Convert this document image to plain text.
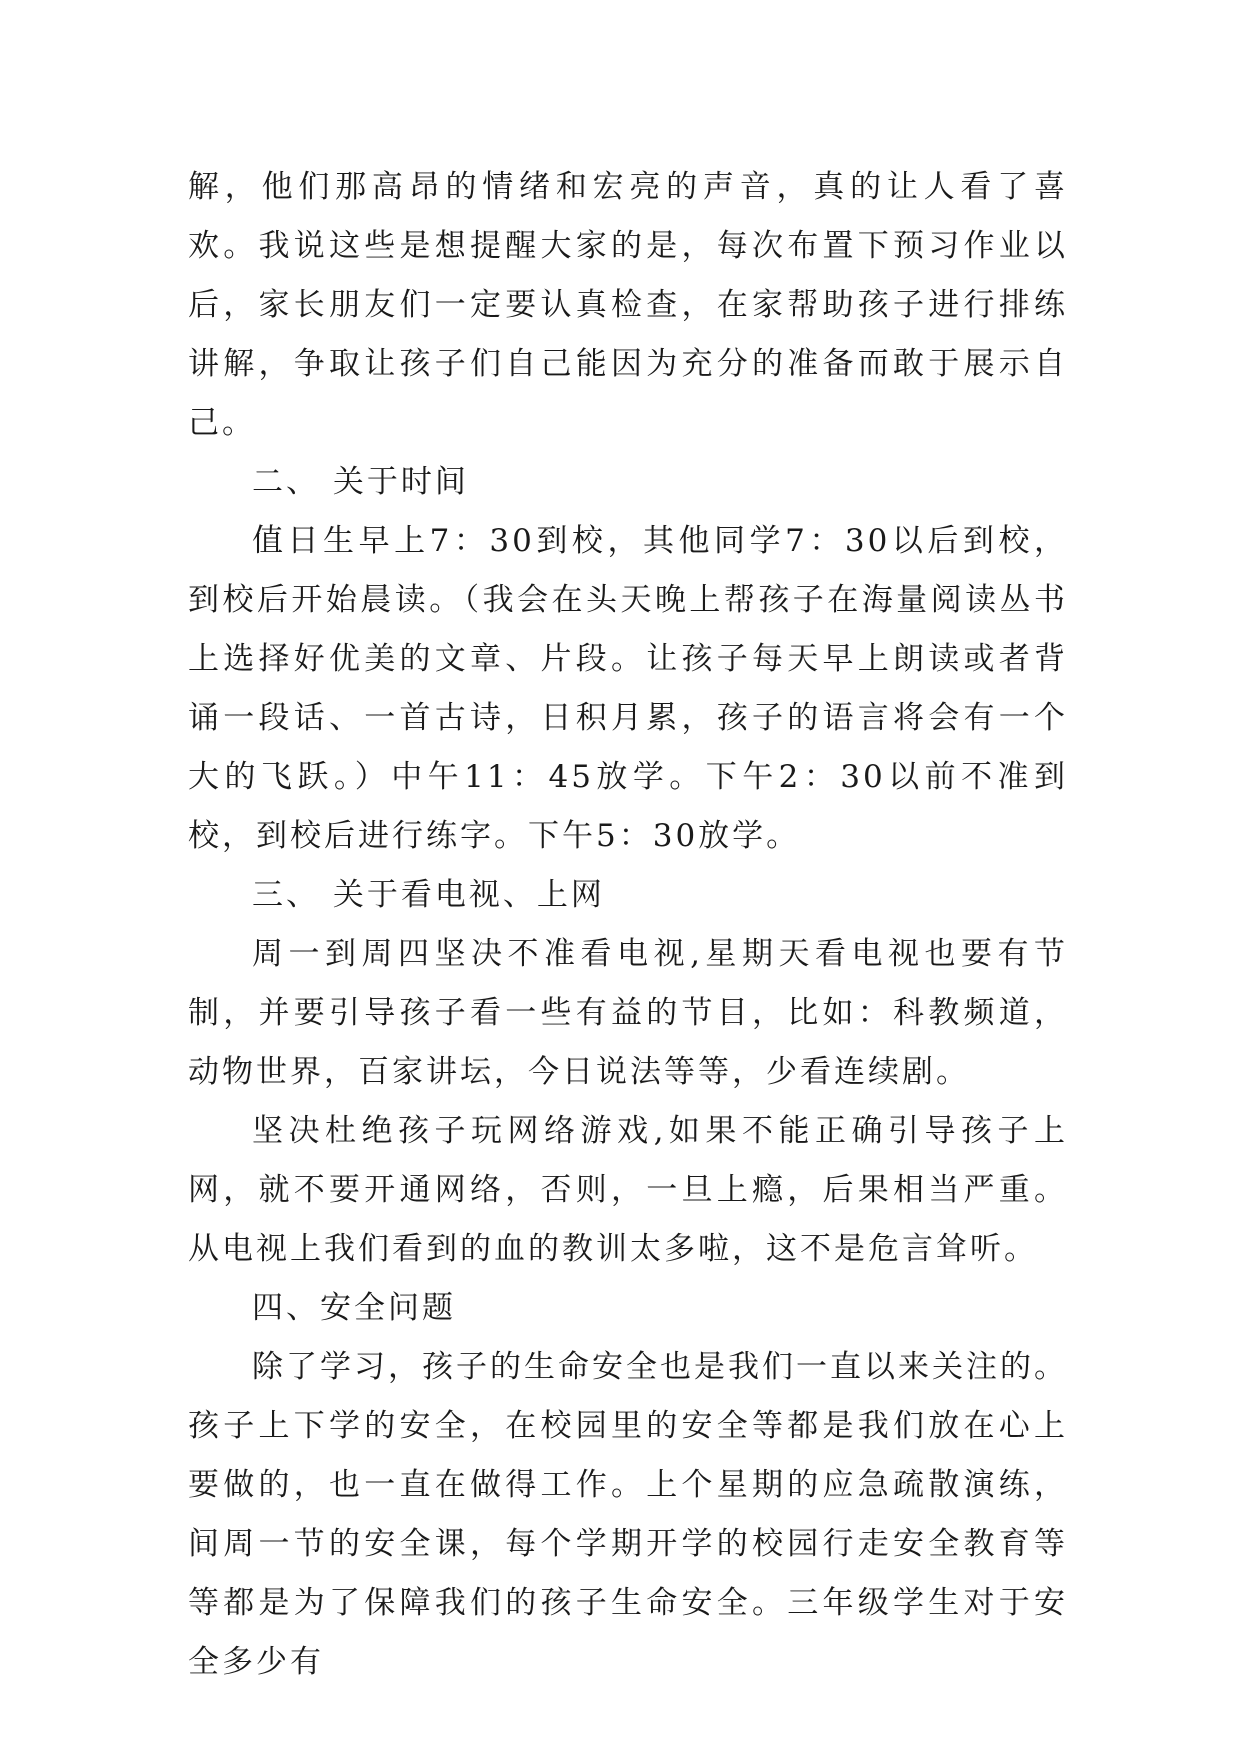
解，他们那高昂的情绪和宏亮的声音，真的让人看了喜欢。我说这些是想提醒大家的是，每次布置下预习作业以后，家长朋友们一定要认真检查，在家帮助孩子进行排练讲解，争取让孩子们自己能因为充分的准备而敢于展示自己。

二、 关于时间

值日生早上7：30到校，其他同学7：30以后到校，到校后开始晨读。（我会在头天晚上帮孩子在海量阅读丛书上选择好优美的文章、片段。让孩子每天早上朗读或者背诵一段话、一首古诗，日积月累，孩子的语言将会有一个大的飞跃。）中午11：45放学。下午2：30以前不准到校，到校后进行练字。下午5：30放学。

三、 关于看电视、上网

周一到周四坚决不准看电视,星期天看电视也要有节制，并要引导孩子看一些有益的节目，比如：科教频道，动物世界，百家讲坛，今日说法等等，少看连续剧。

坚决杜绝孩子玩网络游戏,如果不能正确引导孩子上网，就不要开通网络，否则，一旦上瘾，后果相当严重。从电视上我们看到的血的教训太多啦，这不是危言耸听。

四、安全问题

除了学习，孩子的生命安全也是我们一直以来关注的。孩子上下学的安全，在校园里的安全等都是我们放在心上要做的，也一直在做得工作。上个星期的应急疏散演练，间周一节的安全课，每个学期开学的校园行走安全教育等等都是为了保障我们的孩子生命安全。三年级学生对于安全多少有
